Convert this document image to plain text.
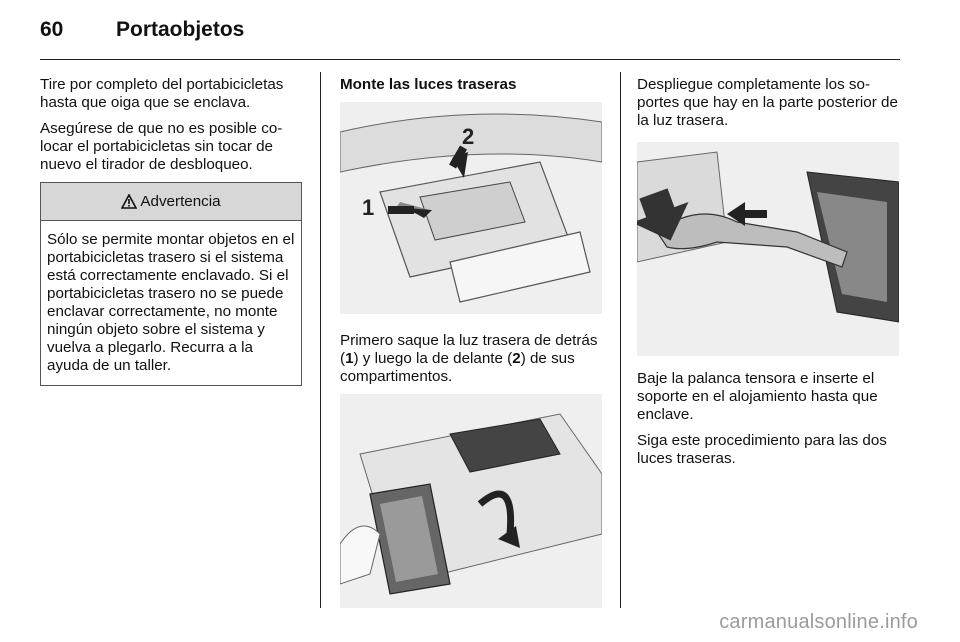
60	Portaobjetos

Tire por completo del portabicicletas hasta que oiga que se enclava.

Asegúrese de que no es posible colocar el portabicicletas sin tocar de nuevo el tirador de desbloqueo.

Advertencia
Sólo se permite montar objetos en el portabicicletas trasero si el sistema está correctamente enclavado. Si el portabicicletas trasero no se puede enclavar correctamente, no monte ningún objeto sobre el sistema y vuelva a plegarlo. Recurra a la ayuda de un taller.
Monte las luces traseras
1
2

Primero saque la luz trasera de detrás (1) y luego la de delante (2) de sus compartimentos.

Despliegue completamente los soportes que hay en la parte posterior de la luz trasera.

Baje la palanca tensora e inserte el soporte en el alojamiento hasta que enclave.

Siga este procedimiento para las dos luces traseras.

carmanualsonline.info
